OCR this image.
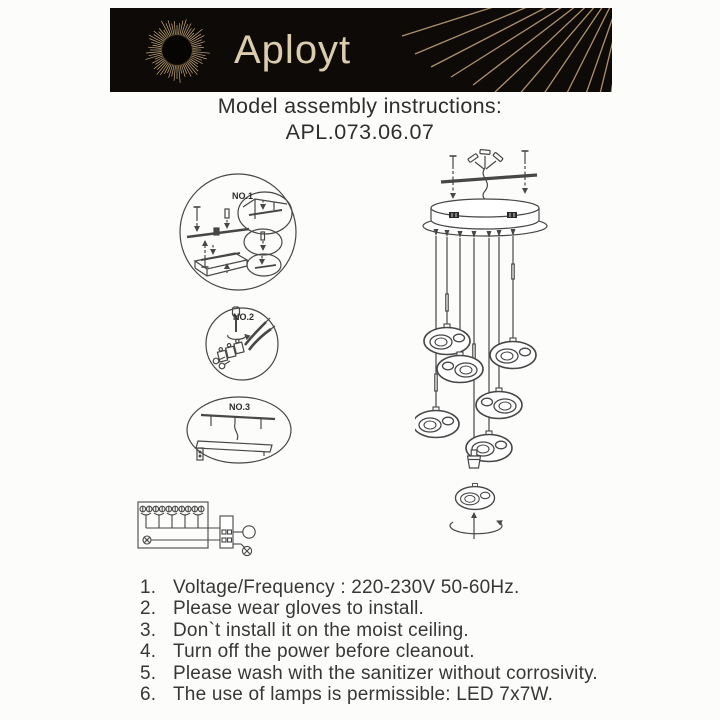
Aployt
Model assembly instructions:
APL.073.06.07
NO.1
NO.2
NO.3
1. Voltage/Frequency : 220-230V 50-60Hz.
2. Please wear gloves to install.
3. Don`t install it on the moist ceiling.
4. Turn off the power before cleanout.
5. Please wash with the sanitizer without corrosivity.
6. The use of lamps is permissible: LED 7x7W.
